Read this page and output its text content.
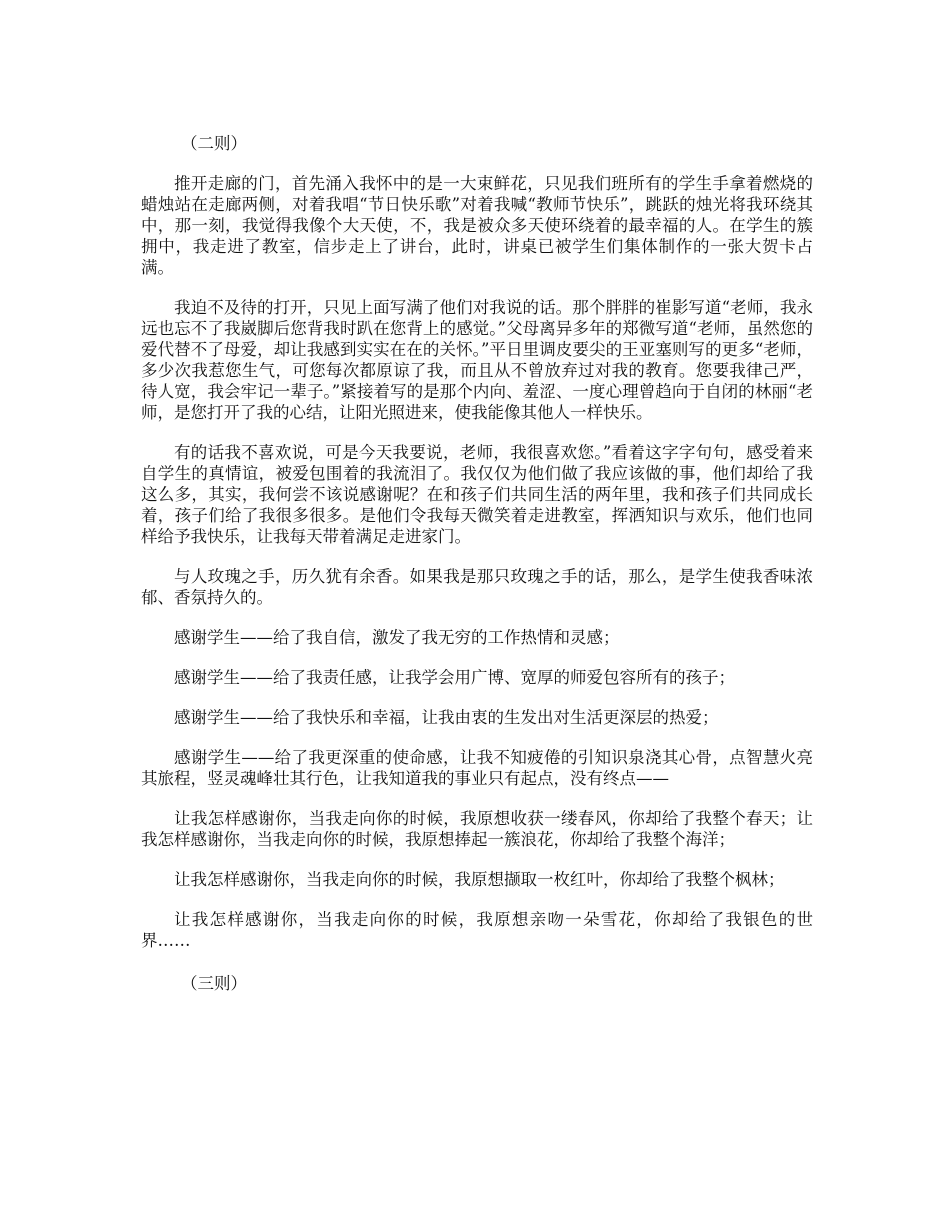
（二则）

推开走廊的门，首先涌入我怀中的是一大束鲜花，只见我们班所有的学生手拿着燃烧的蜡烛站在走廊两侧，对着我唱“节日快乐歌”对着我喊“教师节快乐”，跳跃的烛光将我环绕其中，那一刻，我觉得我像个大天使，不，我是被众多天使环绕着的最幸福的人。在学生的簇拥中，我走进了教室，信步走上了讲台，此时，讲桌已被学生们集体制作的一张大贺卡占满。

我迫不及待的打开，只见上面写满了他们对我说的话。那个胖胖的崔影写道“老师，我永远也忘不了我崴脚后您背我时趴在您背上的感觉。”父母离异多年的郑微写道“老师，虽然您的爱代替不了母爱，却让我感到实实在在的关怀。”平日里调皮要尖的王亚塞则写的更多“老师，多少次我惹您生气，可您每次都原谅了我，而且从不曾放弃过对我的教育。您要我律己严，待人宽，我会牢记一辈子。”紧接着写的是那个内向、羞涩、一度心理曾趋向于自闭的林丽“老师，是您打开了我的心结，让阳光照进来，使我能像其他人一样快乐。

有的话我不喜欢说，可是今天我要说，老师，我很喜欢您。”看着这字字句句，感受着来自学生的真情谊，被爱包围着的我流泪了。我仅仅为他们做了我应该做的事，他们却给了我这么多，其实，我何尝不该说感谢呢？在和孩子们共同生活的两年里，我和孩子们共同成长着，孩子们给了我很多很多。是他们令我每天微笑着走进教室，挥洒知识与欢乐，他们也同样给予我快乐，让我每天带着满足走进家门。

与人玫瑰之手，历久犹有余香。如果我是那只玫瑰之手的话，那么，是学生使我香味浓郁、香氛持久的。

感谢学生——给了我自信，激发了我无穷的工作热情和灵感；

感谢学生——给了我责任感，让我学会用广博、宽厚的师爱包容所有的孩子；

感谢学生——给了我快乐和幸福，让我由衷的生发出对生活更深层的热爱；

感谢学生——给了我更深重的使命感，让我不知疲倦的引知识泉浇其心骨，点智慧火亮其旅程，竖灵魂峰壮其行色，让我知道我的事业只有起点，没有终点——

让我怎样感谢你，当我走向你的时候，我原想收获一缕春风，你却给了我整个春天；让我怎样感谢你，当我走向你的时候，我原想捧起一簇浪花，你却给了我整个海洋；

让我怎样感谢你，当我走向你的时候，我原想撷取一枚红叶，你却给了我整个枫林；

让我怎样感谢你，当我走向你的时候，我原想亲吻一朵雪花，你却给了我银色的世界……

（三则）
